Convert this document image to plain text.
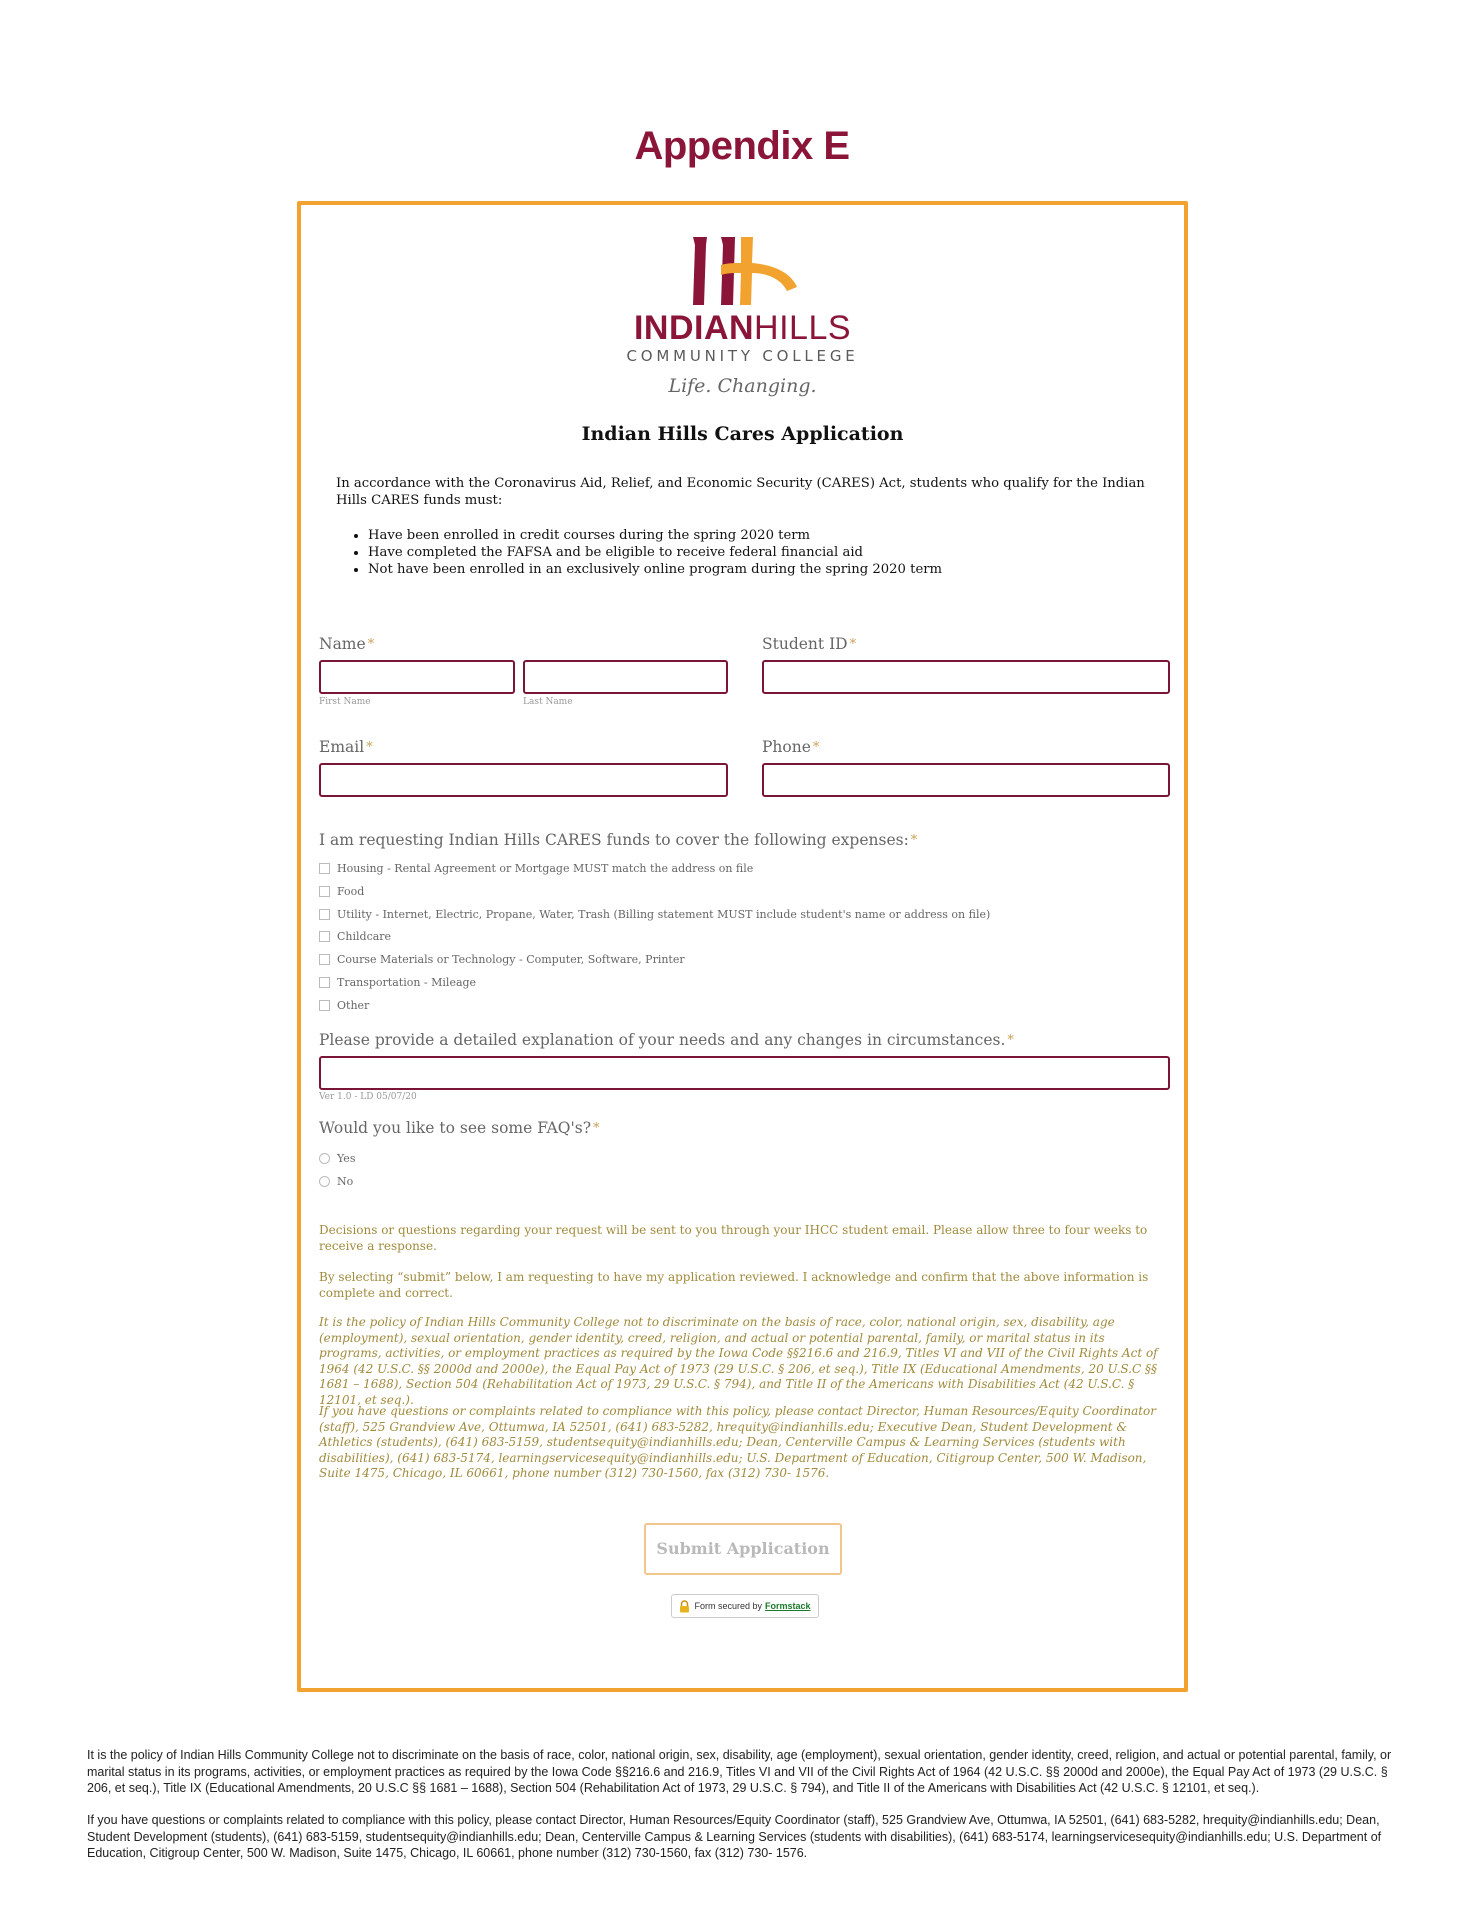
Appendix E
INDIANHILLS
COMMUNITY COLLEGE
Life. Changing.
Indian Hills Cares Application

In accordance with the Coronavirus Aid, Relief, and Economic Security (CARES) Act, students who qualify for the Indian Hills CARES funds must:

• Have been enrolled in credit courses during the spring 2020 term
• Have completed the FAFSA and be eligible to receive federal financial aid
• Not have been enrolled in an exclusively online program during the spring 2020 term
Name *
First Name	Last Name
Student ID *
Email *	Phone *
I am requesting Indian Hills CARES funds to cover the following expenses: *
Housing - Rental Agreement or Mortgage MUST match the address on file
Food
Utility - Internet, Electric, Propane, Water, Trash (Billing statement MUST include student's name or address on file)
Childcare
Course Materials or Technology - Computer, Software, Printer
Transportation - Mileage
Other
Please provide a detailed explanation of your needs and any changes in circumstances. *
Ver 1.0 - LD 05/07/20
Would you like to see some FAQ's? *
Yes
No
Decisions or questions regarding your request will be sent to you through your IHCC student email. Please allow three to four weeks to receive a response.
By selecting “submit” below, I am requesting to have my application reviewed. I acknowledge and confirm that the above information is complete and correct.
It is the policy of Indian Hills Community College not to discriminate on the basis of race, color, national origin, sex, disability, age (employment), sexual orientation, gender identity, creed, religion, and actual or potential parental, family, or marital status in its programs, activities, or employment practices as required by the Iowa Code §§216.6 and 216.9, Titles VI and VII of the Civil Rights Act of 1964 (42 U.S.C. §§ 2000d and 2000e), the Equal Pay Act of 1973 (29 U.S.C. § 206, et seq.), Title IX (Educational Amendments, 20 U.S.C §§ 1681 – 1688), Section 504 (Rehabilitation Act of 1973, 29 U.S.C. § 794), and Title II of the Americans with Disabilities Act (42 U.S.C. § 12101, et seq.).
If you have questions or complaints related to compliance with this policy, please contact Director, Human Resources/Equity Coordinator (staff), 525 Grandview Ave, Ottumwa, IA 52501, (641) 683-5282, hrequity@indianhills.edu; Executive Dean, Student Development & Athletics (students), (641) 683-5159, studentsequity@indianhills.edu; Dean, Centerville Campus & Learning Services (students with disabilities), (641) 683-5174, learningservicesequity@indianhills.edu; U.S. Department of Education, Citigroup Center, 500 W. Madison, Suite 1475, Chicago, IL 60661, phone number (312) 730-1560, fax (312) 730- 1576.
Submit Application
Form secured by Formstack
It is the policy of Indian Hills Community College not to discriminate on the basis of race, color, national origin, sex, disability, age (employment), sexual orientation, gender identity, creed, religion, and actual or potential parental, family, or marital status in its programs, activities, or employment practices as required by the Iowa Code §§216.6 and 216.9, Titles VI and VII of the Civil Rights Act of 1964 (42 U.S.C. §§ 2000d and 2000e), the Equal Pay Act of 1973 (29 U.S.C. § 206, et seq.), Title IX (Educational Amendments, 20 U.S.C §§ 1681 – 1688), Section 504 (Rehabilitation Act of 1973, 29 U.S.C. § 794), and Title II of the Americans with Disabilities Act (42 U.S.C. § 12101, et seq.).
If you have questions or complaints related to compliance with this policy, please contact Director, Human Resources/Equity Coordinator (staff), 525 Grandview Ave, Ottumwa, IA 52501, (641) 683-5282, hrequity@indianhills.edu; Dean, Student Development (students), (641) 683-5159, studentsequity@indianhills.edu; Dean, Centerville Campus & Learning Services (students with disabilities), (641) 683-5174, learningservicesequity@indianhills.edu; U.S. Department of Education, Citigroup Center, 500 W. Madison, Suite 1475, Chicago, IL 60661, phone number (312) 730-1560, fax (312) 730- 1576.
